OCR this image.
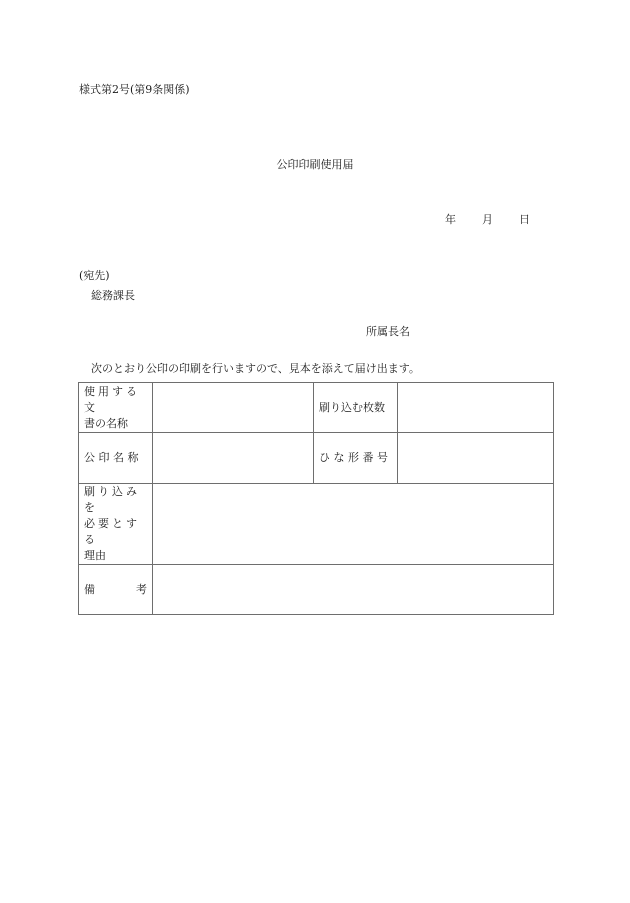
様式第2号(第9条関係)
公印印刷使用届
年 月 日
(宛先)
総務課長
所属長名
次のとおり公印の印刷を行いますので、見本を添えて届け出ます。
使用する文
書の名称		刷り込む枚数	
公 印 名 称		ひ な 形 番 号	

刷り込みを
必要とする
理由			

備 考			
